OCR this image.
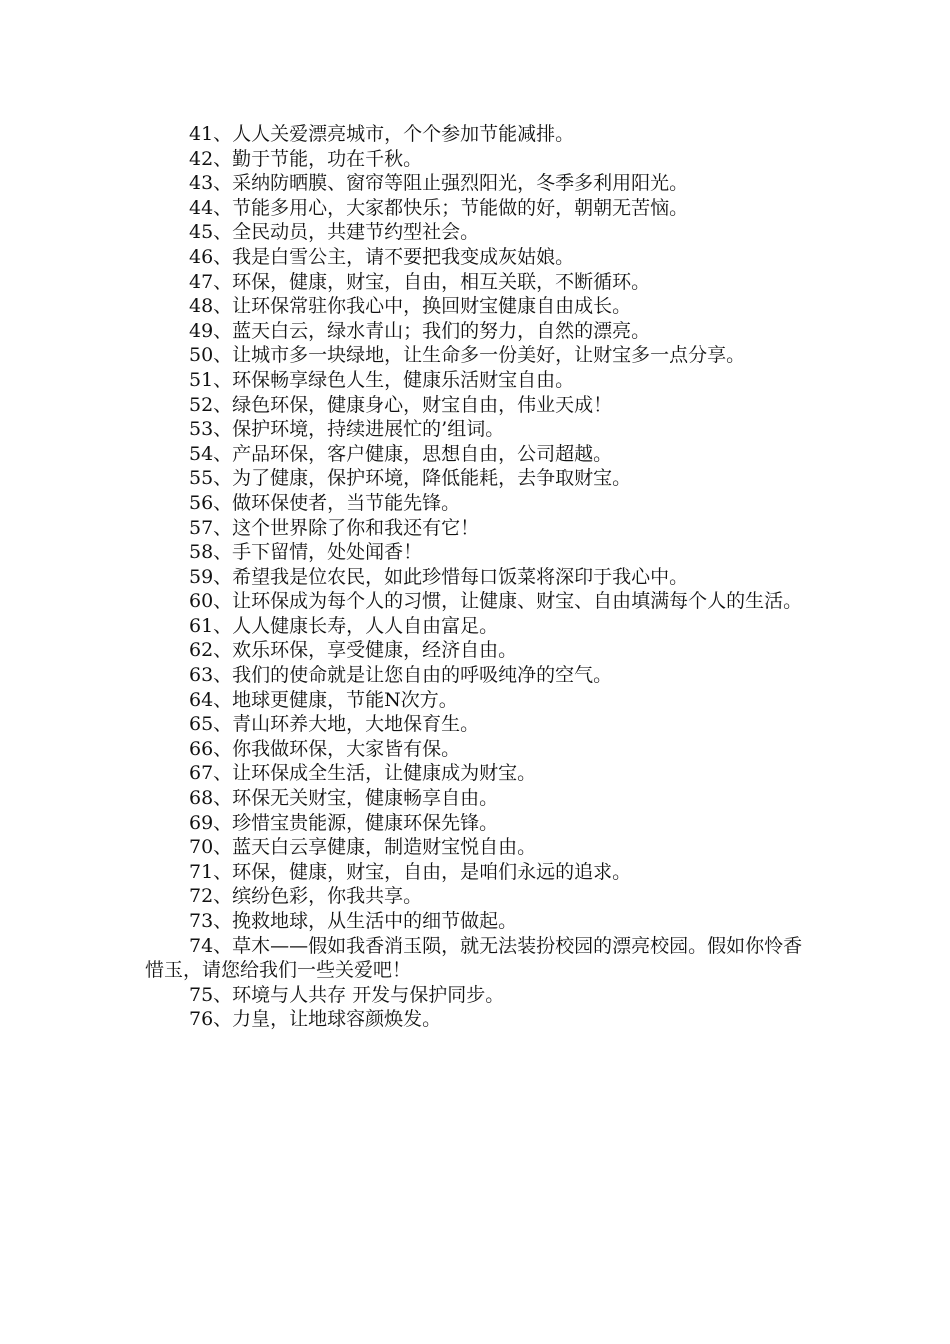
41、人人关爱漂亮城市，个个参加节能减排。

42、勤于节能，功在千秋。

43、采纳防晒膜、窗帘等阻止强烈阳光，冬季多利用阳光。

44、节能多用心，大家都快乐；节能做的好，朝朝无苦恼。

45、全民动员，共建节约型社会。

46、我是白雪公主，请不要把我变成灰姑娘。

47、环保，健康，财宝，自由，相互关联，不断循环。

48、让环保常驻你我心中，换回财宝健康自由成长。

49、蓝天白云，绿水青山；我们的努力，自然的漂亮。

50、让城市多一块绿地，让生命多一份美好，让财宝多一点分享。

51、环保畅享绿色人生，健康乐活财宝自由。

52、绿色环保，健康身心，财宝自由，伟业天成！

53、保护环境，持续进展忙的’组词。

54、产品环保，客户健康，思想自由，公司超越。

55、为了健康，保护环境，降低能耗，去争取财宝。

56、做环保使者，当节能先锋。

57、这个世界除了你和我还有它！

58、手下留情，处处闻香！

59、希望我是位农民，如此珍惜每口饭菜将深印于我心中。

60、让环保成为每个人的习惯，让健康、财宝、自由填满每个人的生活。

61、人人健康长寿，人人自由富足。

62、欢乐环保，享受健康，经济自由。

63、我们的使命就是让您自由的呼吸纯净的空气。

64、地球更健康，节能N次方。

65、青山环养大地，大地保育生。

66、你我做环保，大家皆有保。

67、让环保成全生活，让健康成为财宝。

68、环保无关财宝，健康畅享自由。

69、珍惜宝贵能源，健康环保先锋。

70、蓝天白云享健康，制造财宝悦自由。

71、环保，健康，财宝，自由，是咱们永远的追求。

72、缤纷色彩，你我共享。

73、挽救地球，从生活中的细节做起。

74、草木——假如我香消玉陨，就无法装扮校园的漂亮校园。假如你怜香惜玉，请您给我们一些关爱吧！

75、环境与人共存 开发与保护同步。

76、力皇，让地球容颜焕发。
